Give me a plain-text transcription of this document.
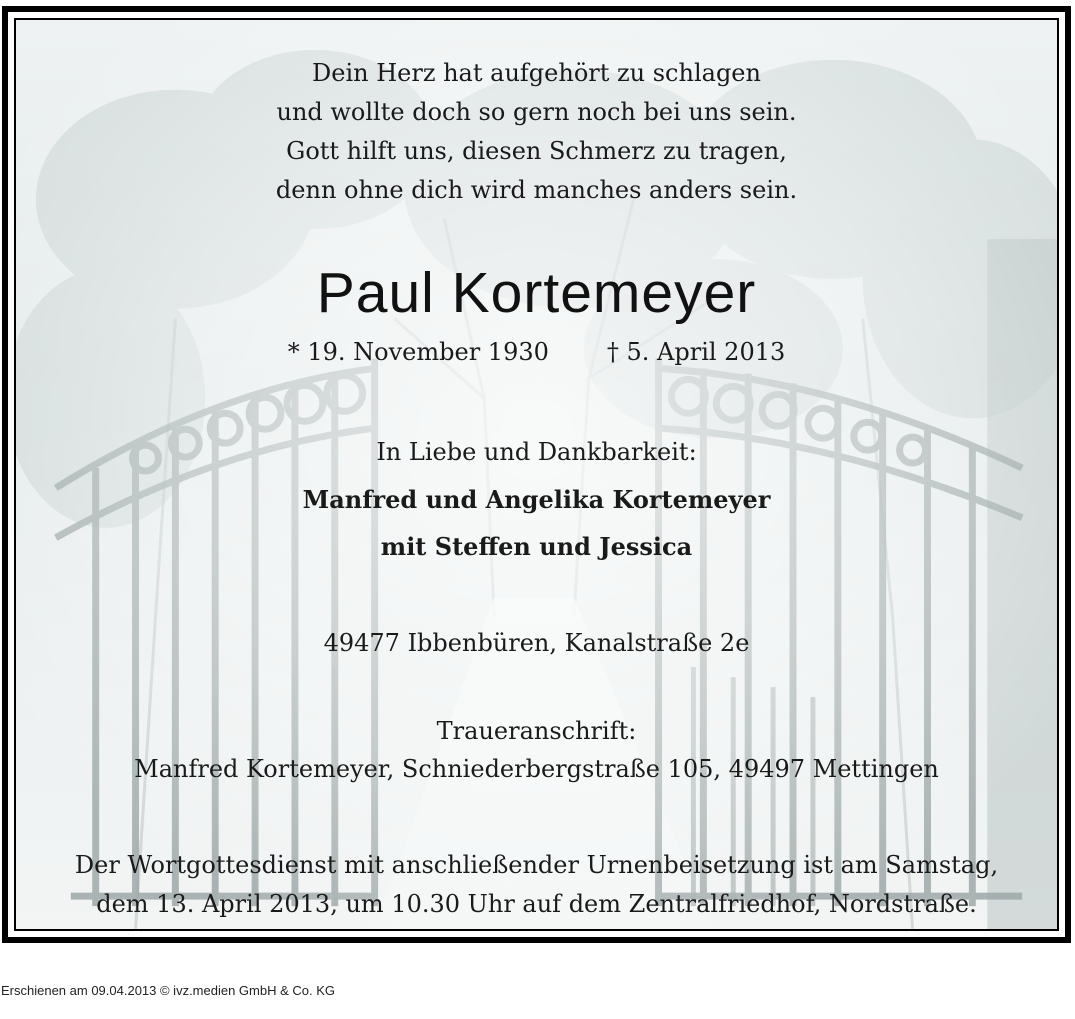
Dein Herz hat aufgehört zu schlagen
und wollte doch so gern noch bei uns sein.
Gott hilft uns, diesen Schmerz zu tragen,
denn ohne dich wird manches anders sein.
Paul Kortemeyer
* 19. November 1930 † 5. April 2013
In Liebe und Dankbarkeit:
Manfred und Angelika Kortemeyer
mit Steffen und Jessica
49477 Ibbenbüren, Kanalstraße 2e
Traueranschrift:
Manfred Kortemeyer, Schniederbergstraße 105, 49497 Mettingen
Der Wortgottesdienst mit anschließender Urnenbeisetzung ist am Samstag,
dem 13. April 2013, um 10.30 Uhr auf dem Zentralfriedhof, Nordstraße.
Erschienen am 09.04.2013 © ivz.medien GmbH & Co. KG
